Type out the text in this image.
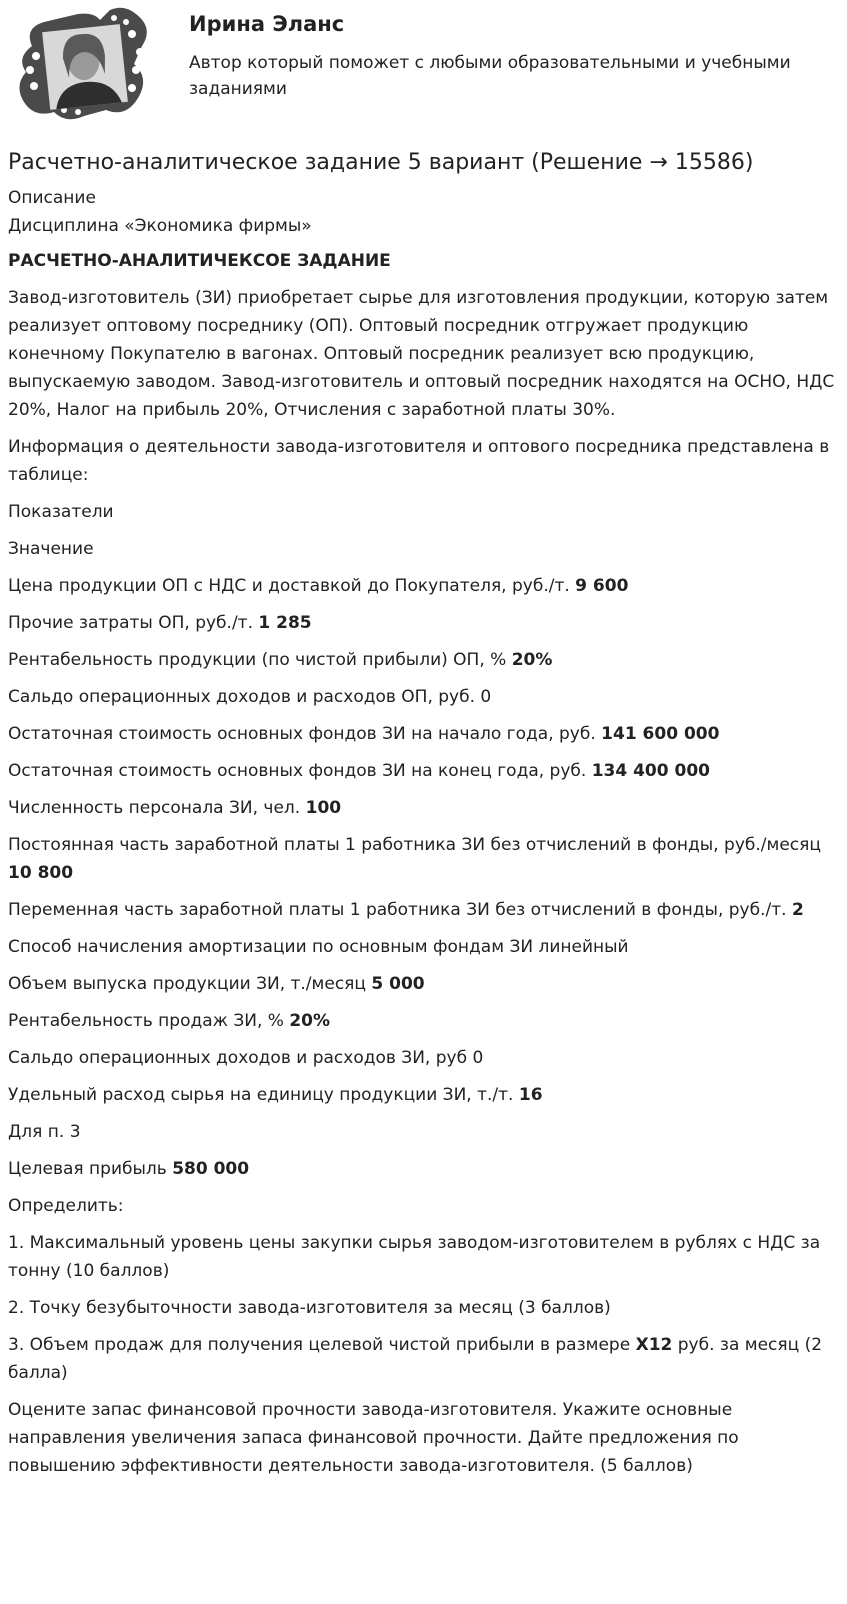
Ирина Эланс

Автор который поможет с любыми образовательными и учебными заданиями

Расчетно-аналитическое задание 5 вариант (Решение → 15586)

Описание

Дисциплина «Экономика фирмы»

РАСЧЕТНО-АНАЛИТИЧЕКСОЕ ЗАДАНИЕ

Завод-изготовитель (ЗИ) приобретает сырье для изготовления продукции, которую затем реализует оптовому посреднику (ОП). Оптовый посредник отгружает продукцию конечному Покупателю в вагонах. Оптовый посредник реализует всю продукцию, выпускаемую заводом. Завод-изготовитель и оптовый посредник находятся на ОСНО, НДС 20%, Налог на прибыль 20%, Отчисления с заработной платы 30%.

Информация о деятельности завода-изготовителя и оптового посредника представлена в таблице:

Показатели

Значение

Цена продукции ОП с НДС и доставкой до Покупателя, руб./т. 9 600

Прочие затраты ОП, руб./т. 1 285

Рентабельность продукции (по чистой прибыли) ОП, % 20%

Сальдо операционных доходов и расходов ОП, руб. 0

Остаточная стоимость основных фондов ЗИ на начало года, руб. 141 600 000

Остаточная стоимость основных фондов ЗИ на конец года, руб. 134 400 000

Численность персонала ЗИ, чел. 100

Постоянная часть заработной платы 1 работника ЗИ без отчислений в фонды, руб./месяц 10 800

Переменная часть заработной платы 1 работника ЗИ без отчислений в фонды, руб./т. 2

Способ начисления амортизации по основным фондам ЗИ линейный

Объем выпуска продукции ЗИ, т./месяц 5 000

Рентабельность продаж ЗИ, % 20%

Сальдо операционных доходов и расходов ЗИ, руб 0

Удельный расход сырья на единицу продукции ЗИ, т./т. 16

Для п. 3

Целевая прибыль 580 000

Определить:

1. Максимальный уровень цены закупки сырья заводом-изготовителем в рублях с НДС за тонну (10 баллов)

2. Точку безубыточности завода-изготовителя за месяц (3 баллов)

3. Объем продаж для получения целевой чистой прибыли в размере X12 руб. за месяц (2 балла)

Оцените запас финансовой прочности завода-изготовителя. Укажите основные направления увеличения запаса финансовой прочности. Дайте предложения по повышению эффективности деятельности завода-изготовителя. (5 баллов)
